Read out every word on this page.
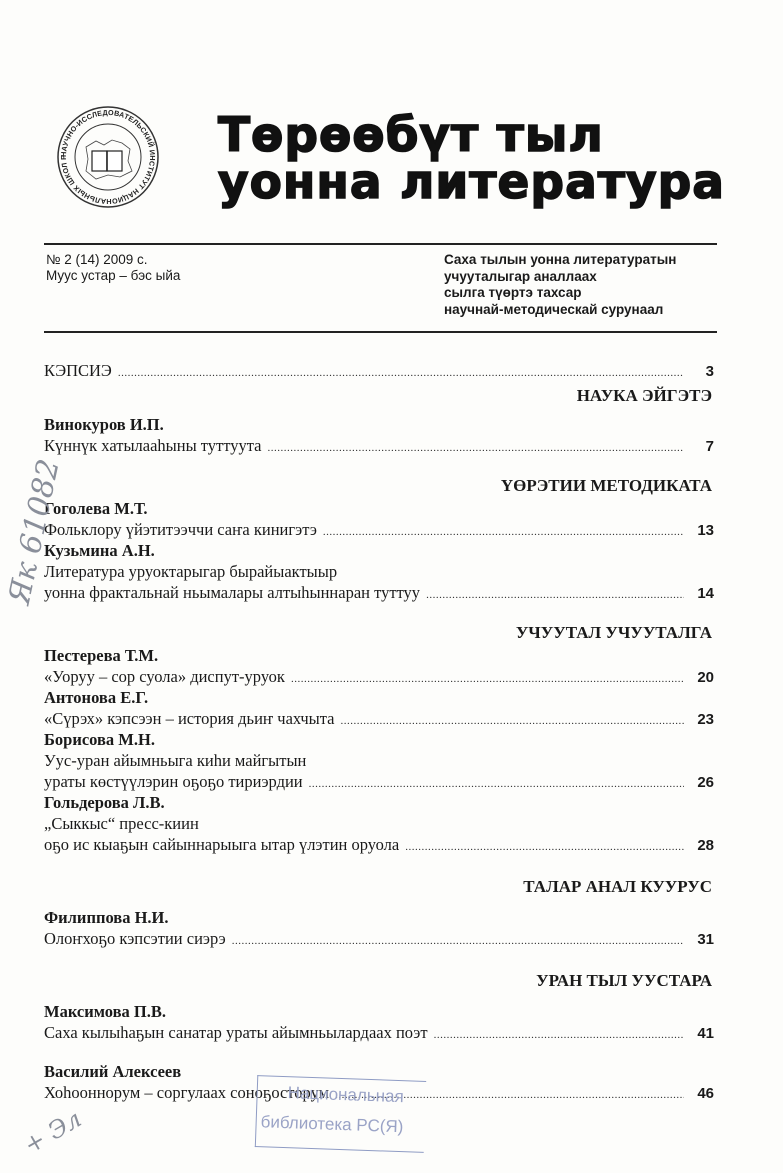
НАУЧНО-ИССЛЕДОВАТЕЛЬСКИЙ ИНСТИТУТ НАЦИОНАЛЬНЫХ ШКОЛ Р	Төрөөбүт тыл
уонна литература
№ 2 (14) 2009 с.
Муус устар – бэс ыйа
Саха тылын уонна литературатын
учууталыгар аналлаах
сылга түөртэ тахсар
научнай-методическай сурунаал
КЭПСИЭ .....	3
НАУКА ЭЙГЭТЭ
Винокуров И.П.
Күннүк хатылааһыны туттуута .....	7
ҮӨРЭТИИ МЕТОДИКАТА
Гоголева М.Т.
Фольклору үйэтитээччи саҥа кинигэтэ .....	13
Кузьмина А.Н.
Литература уруоктарыгар бырайыактыыр
уонна фрактальнай ньымалары алтыһыннаран туттуу .....	14
УЧУУТАЛ УЧУУТАЛГА
Пестерева Т.М.
«Уоруу – сор суола» диспут-уруок .....	20
Антонова Е.Г.
«Сүрэх» кэпсээн – история дьиҥ чахчыта .....	23
Борисова М.Н.
Уус-уран айымньыга киһи майгытын
ураты көстүүлэрин оҕоҕо тириэрдии .....	26
Гольдерова Л.В.
„Сыккыс“ пресс-киин
оҕо ис кыаҕын сайыннарыыга ытар үлэтин оруола .....	28
ТАЛАР АНАЛ КУУРУС
Филиппова Н.И.
Олоҥхоҕо кэпсэтии сиэрэ .....	31
УРАН ТЫЛ УУСТАРА
Максимова П.В.
Саха кылыһаҕын санатар ураты айымньылардаах поэт .....	41
Василий Алексеев
Хоһооннорум – соргулаах соноҕосторум .....	46
Як 61082
+ Эл
Национальная
библиотека РС(Я)
